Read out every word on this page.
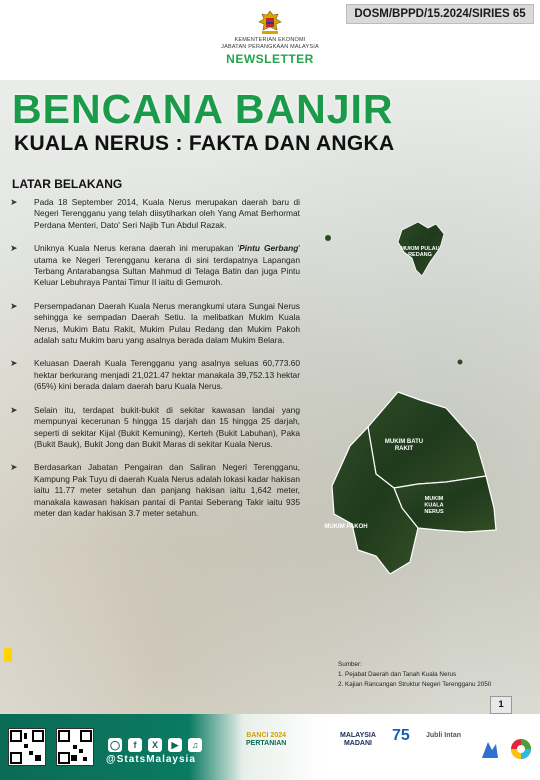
DOSM/BPPD/15.2024/SIRIES 65
KEMENTERIAN EKONOMI
JABATAN PERANGKAAN MALAYSIA
NEWSLETTER
BENCANA BANJIR
KUALA NERUS : FAKTA DAN ANGKA
LATAR BELAKANG
➤ Pada 18 September 2014, Kuala Nerus merupakan daerah baru di Negeri Terengganu yang telah diisytiharkan oleh Yang Amat Berhormat Perdana Menteri, Dato' Seri Najib Tun Abdul Razak.
➤ Uniknya Kuala Nerus kerana daerah ini merupakan 'Pintu Gerbang' utama ke Negeri Terengganu kerana di sini terdapatnya Lapangan Terbang Antarabangsa Sultan Mahmud di Telaga Batin dan juga Pintu Keluar Lebuhraya Pantai Timur II iaitu di Gemuroh.
➤ Persempadanan Daerah Kuala Nerus merangkumi utara Sungai Nerus sehingga ke sempadan Daerah Setiu. Ia melibatkan Mukim Kuala Nerus, Mukim Batu Rakit, Mukim Pulau Redang dan Mukim Pakoh adalah satu Mukim baru yang asalnya berada dalam Mukim Belara.
➤ Keluasan Daerah Kuala Terengganu yang asalnya seluas 60,773.60 hektar berkurang menjadi 21,021.47 hektar manakala 39,752.13 hektar (65%) kini berada dalam daerah baru Kuala Nerus.
➤ Selain itu, terdapat bukit-bukit di sekitar kawasan landai yang mempunyai kecerunan 5 hingga 15 darjah dan 15 hingga 25 darjah, seperti di sekitar Kijal (Bukit Kemuning), Kerteh (Bukit Labuhan), Paka (Bukit Bauk), Bukit Jong dan Bukit Maras di sekitar Kuala Nerus.
➤ Berdasarkan Jabatan Pengairan dan Saliran Negeri Terengganu, Kampung Pak Tuyu di daerah Kuala Nerus adalah lokasi kadar hakisan iaitu 11.77 meter setahun dan panjang hakisan iaitu 1,642 meter, manakala kawasan hakisan pantai di Pantai Seberang Takir iaitu 935 meter dan kadar hakisan 3.7 meter setahun.
MUKIM PULAU REDANG
MUKIM BATU RAKIT
MUKIM KUALA NERUS
MUKIM PAKOH
Sumber:
1. Pejabat Daerah dan Tanah Kuala Nerus
2. Kajian Rancangan Struktur Negeri Terengganu 2050
1
◯	f	X	▶	♫
@StatsMalaysia
BANCI 2024
PERTANIAN
MALAYSIA
MADANI 75 Jubli Intan
